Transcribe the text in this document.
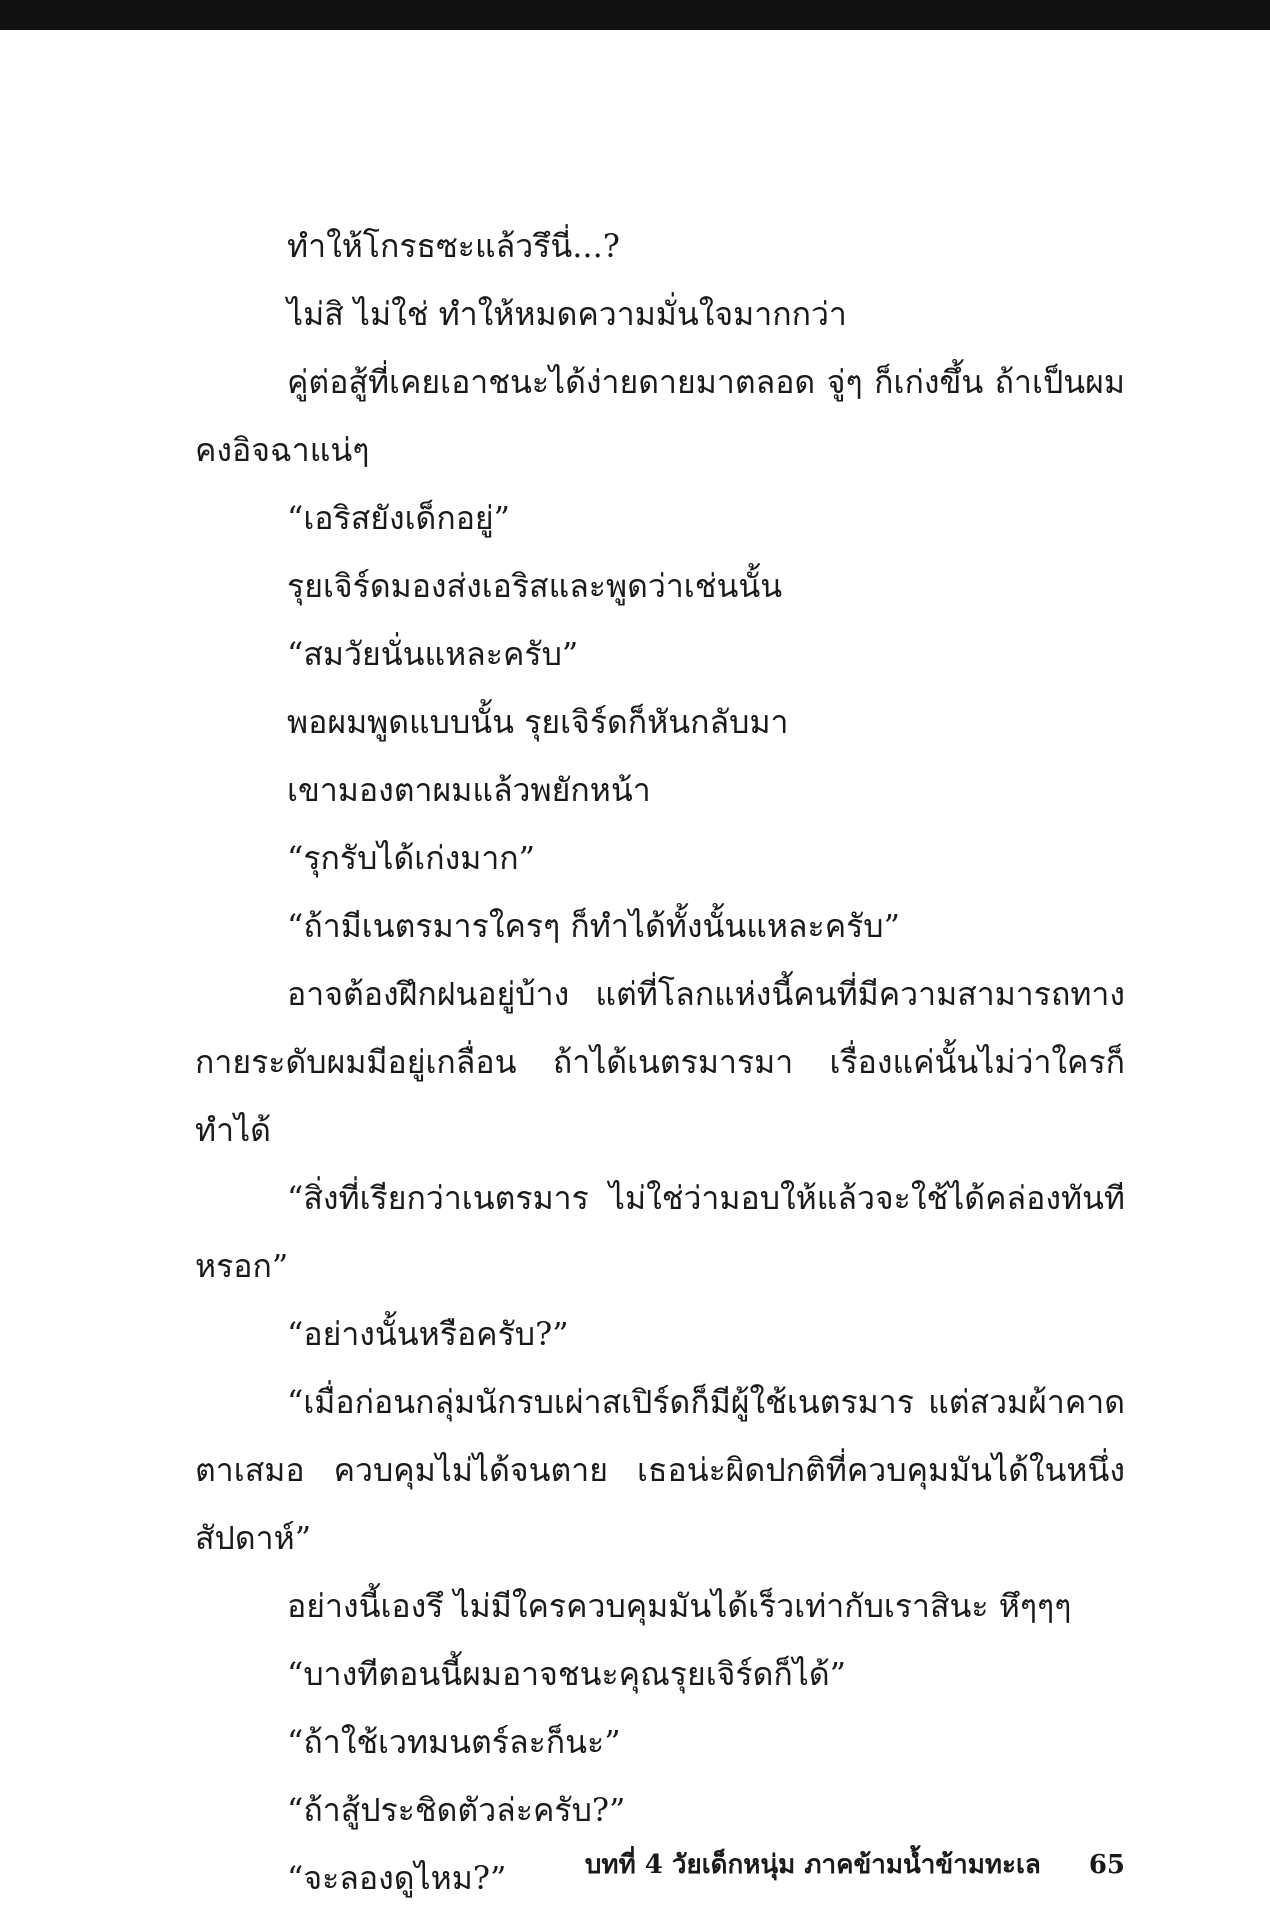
ทำให้โกรธซะแล้วรึนี่...?

ไม่สิ ไม่ใช่ ทำให้หมดความมั่นใจมากกว่า

คู่ต่อสู้ที่เคยเอาชนะได้ง่ายดายมาตลอด จู่ๆ ก็เก่งขึ้น ถ้าเป็นผมคงอิจฉาแน่ๆ

“เอริสยังเด็กอยู่”

รุยเจิร์ดมองส่งเอริสและพูดว่าเช่นนั้น

“สมวัยนั่นแหละครับ”

พอผมพูดแบบนั้น รุยเจิร์ดก็หันกลับมา

เขามองตาผมแล้วพยักหน้า

“รุกรับได้เก่งมาก”

“ถ้ามีเนตรมารใครๆ ก็ทำได้ทั้งนั้นแหละครับ”

อาจต้องฝึกฝนอยู่บ้าง แต่ที่โลกแห่งนี้คนที่มีความสามารถทางกายระดับผมมีอยู่เกลื่อน ถ้าได้เนตรมารมา เรื่องแค่นั้นไม่ว่าใครก็ทำได้

“สิ่งที่เรียกว่าเนตรมาร ไม่ใช่ว่ามอบให้แล้วจะใช้ได้คล่องทันทีหรอก”

“อย่างนั้นหรือครับ?”

“เมื่อก่อนกลุ่มนักรบเผ่าสเปิร์ดก็มีผู้ใช้เนตรมาร แต่สวมผ้าคาดตาเสมอ ควบคุมไม่ได้จนตาย เธอน่ะผิดปกติที่ควบคุมมันได้ในหนึ่งสัปดาห์”

อย่างนี้เองรึ ไม่มีใครควบคุมมันได้เร็วเท่ากับเราสินะ หึๆๆๆ

“บางทีตอนนี้ผมอาจชนะคุณรุยเจิร์ดก็ได้”

“ถ้าใช้เวทมนตร์ละก็นะ”

“ถ้าสู้ประชิดตัวล่ะครับ?”

“จะลองดูไหม?”	บทที่ 4 วัยเด็กหนุ่ม ภาคข้ามน้ำข้ามทะเล 65
